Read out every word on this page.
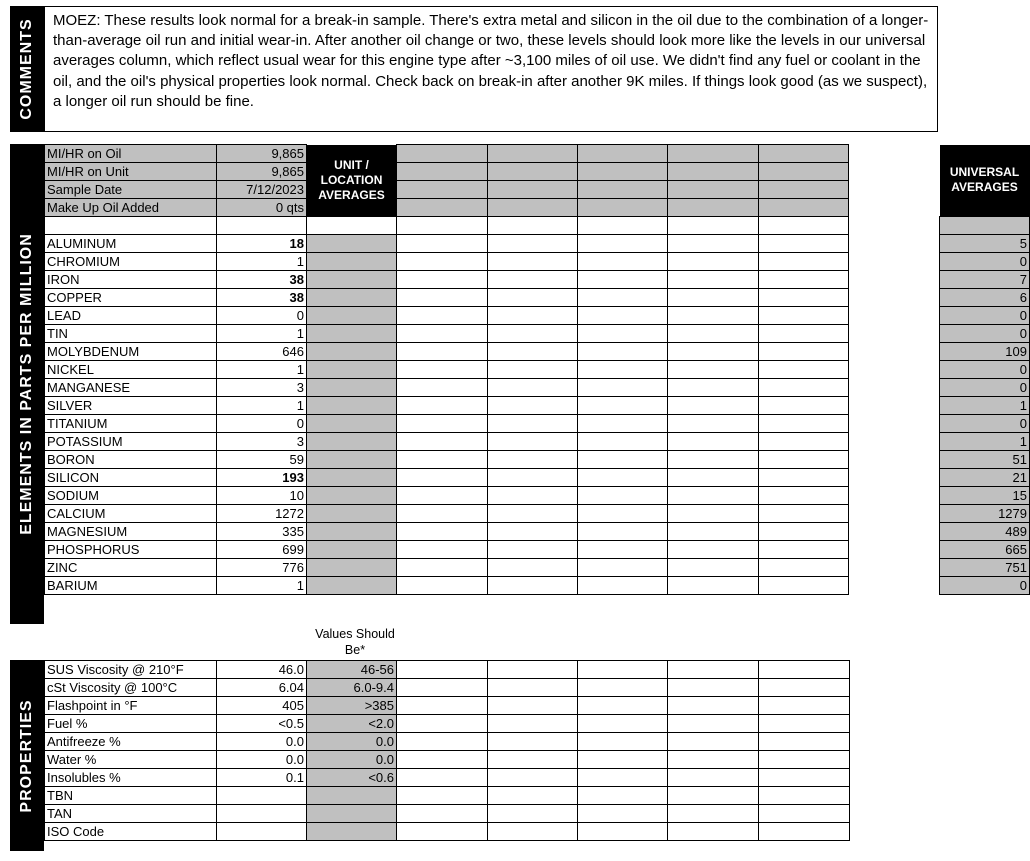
COMMENTS MOEZ: These results look normal for a break-in sample. There's extra metal and silicon in the oil due to the combination of a longer-than-average oil run and initial wear-in. After another oil change or two, these levels should look more like the levels in our universal averages column, which reflect usual wear for this engine type after ~3,100 miles of oil use. We didn't find any fuel or coolant in the oil, and the oil's physical properties look normal. Check back on break-in after another 9K miles. If things look good (as we suspect), a longer oil run should be fine.
ELEMENTS IN PARTS PER MILLION
MI/HR on Oil	9,865	UNIT / LOCATION AVERAGES							UNIVERSAL AVERAGES
MI/HR on Unit	9,865								
Sample Date	7/12/2023								
Make Up Oil Added	0 qts								

ALUMINUM	18								5
CHROMIUM	1								0
IRON	38								7
COPPER	38								6
LEAD	0								0
TIN	1								0
MOLYBDENUM	646								109
NICKEL	1								0
MANGANESE	3								0
SILVER	1								1
TITANIUM	0								0
POTASSIUM	3								1
BORON	59								51
SILICON	193								21
SODIUM	10								15
CALCIUM	1272								1279
MAGNESIUM	335								489
PHOSPHORUS	699								665
ZINC	776								751
BARIUM	1								0
Values Should Be*
PROPERTIES
SUS Viscosity @ 210°F	46.0	46-56					
cSt Viscosity @ 100°C	6.04	6.0-9.4					
Flashpoint in °F	405	>385					
Fuel %	<0.5	<2.0					
Antifreeze %	0.0	0.0					
Water %	0.0	0.0					
Insolubles %	0.1	<0.6					
TBN							
TAN							
ISO Code							
